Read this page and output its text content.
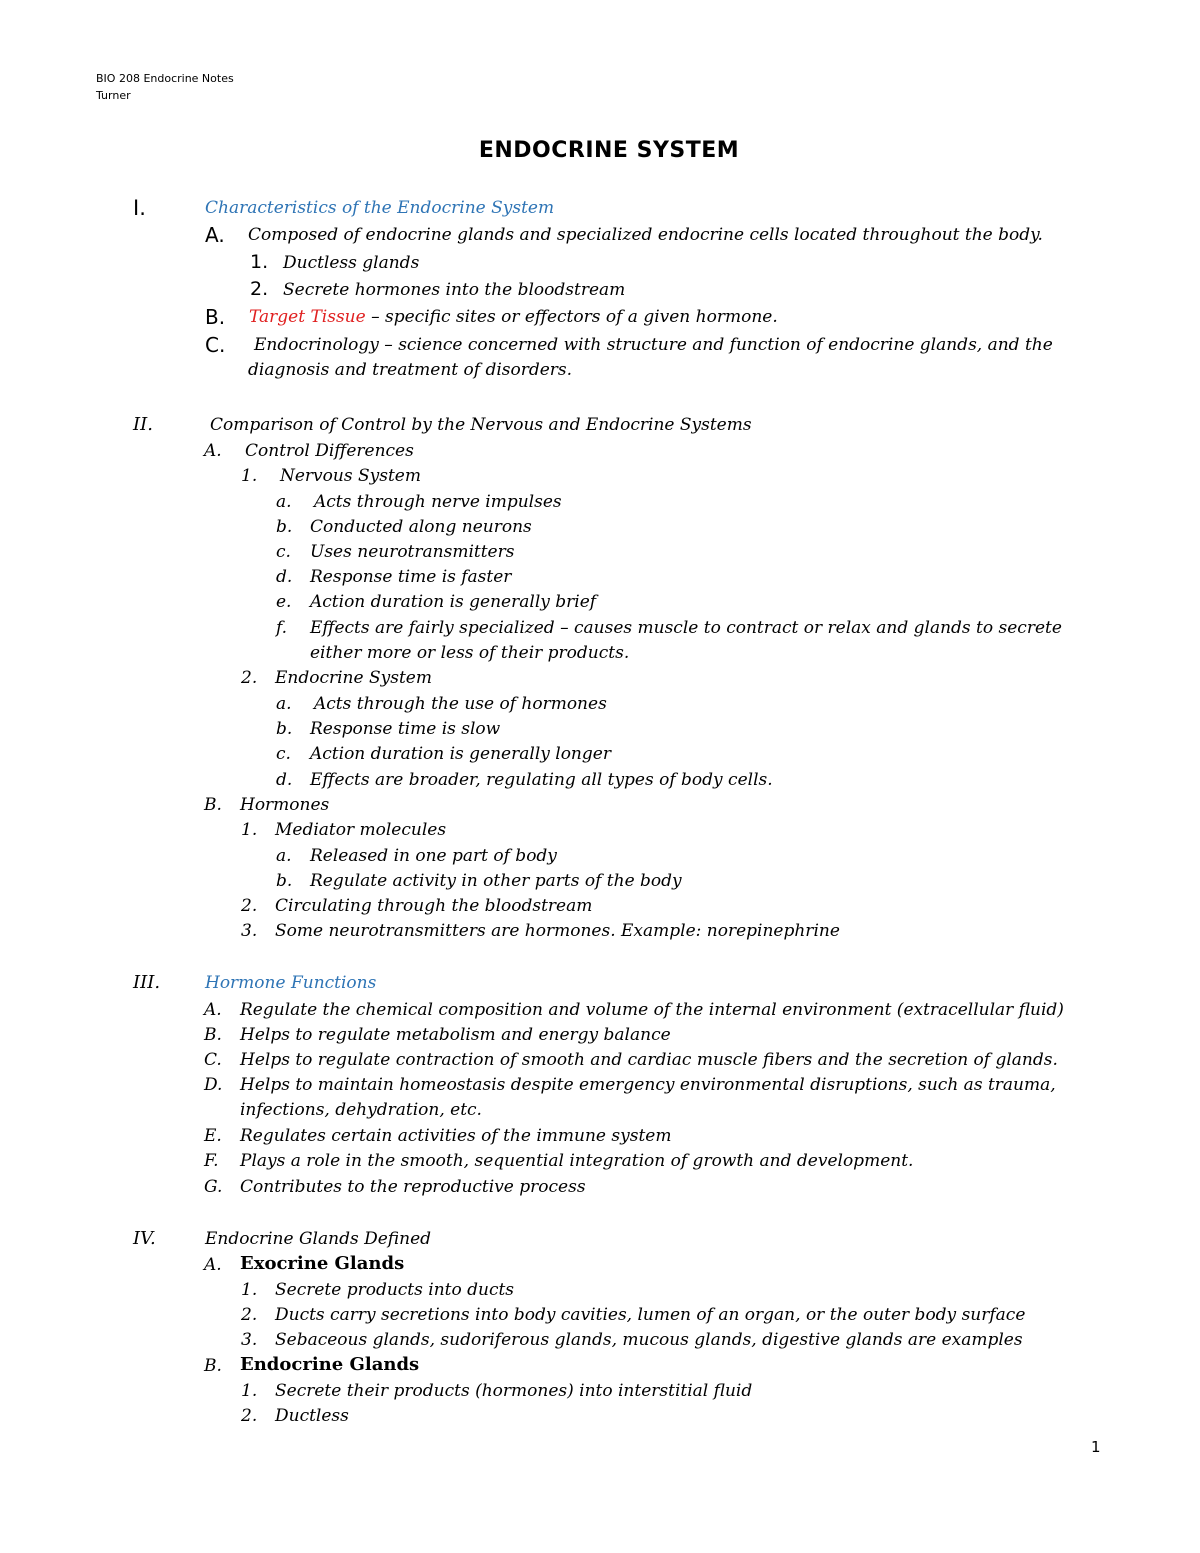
BIO 208 Endocrine Notes
Turner
ENDOCRINE SYSTEM
I.	Characteristics of the Endocrine System
A. Composed of endocrine glands and specialized endocrine cells located throughout the body.
1. Ductless glands
2. Secrete hormones into the bloodstream
B. Target Tissue – specific sites or effectors of a given hormone.
C. Endocrinology – science concerned with structure and function of endocrine glands, and the
diagnosis and treatment of disorders.
II.	Comparison of Control by the Nervous and Endocrine Systems
A. Control Differences
1. Nervous System
a. Acts through nerve impulses
b. Conducted along neurons
c. Uses neurotransmitters
d. Response time is faster
e. Action duration is generally brief
f. Effects are fairly specialized – causes muscle to contract or relax and glands to secrete
either more or less of their products.
2. Endocrine System
a. Acts through the use of hormones
b. Response time is slow
c. Action duration is generally longer
d. Effects are broader, regulating all types of body cells.
B. Hormones
1. Mediator molecules
a. Released in one part of body
b. Regulate activity in other parts of the body
2. Circulating through the bloodstream
3. Some neurotransmitters are hormones. Example: norepinephrine
III.	Hormone Functions
A. Regulate the chemical composition and volume of the internal environment (extracellular fluid)
B. Helps to regulate metabolism and energy balance
C. Helps to regulate contraction of smooth and cardiac muscle fibers and the secretion of glands.
D. Helps to maintain homeostasis despite emergency environmental disruptions, such as trauma,
infections, dehydration, etc.
E. Regulates certain activities of the immune system
F. Plays a role in the smooth, sequential integration of growth and development.
G. Contributes to the reproductive process
IV.	Endocrine Glands Defined
A. Exocrine Glands
1. Secrete products into ducts
2. Ducts carry secretions into body cavities, lumen of an organ, or the outer body surface
3. Sebaceous glands, sudoriferous glands, mucous glands, digestive glands are examples
B. Endocrine Glands
1. Secrete their products (hormones) into interstitial fluid
2. Ductless
1
